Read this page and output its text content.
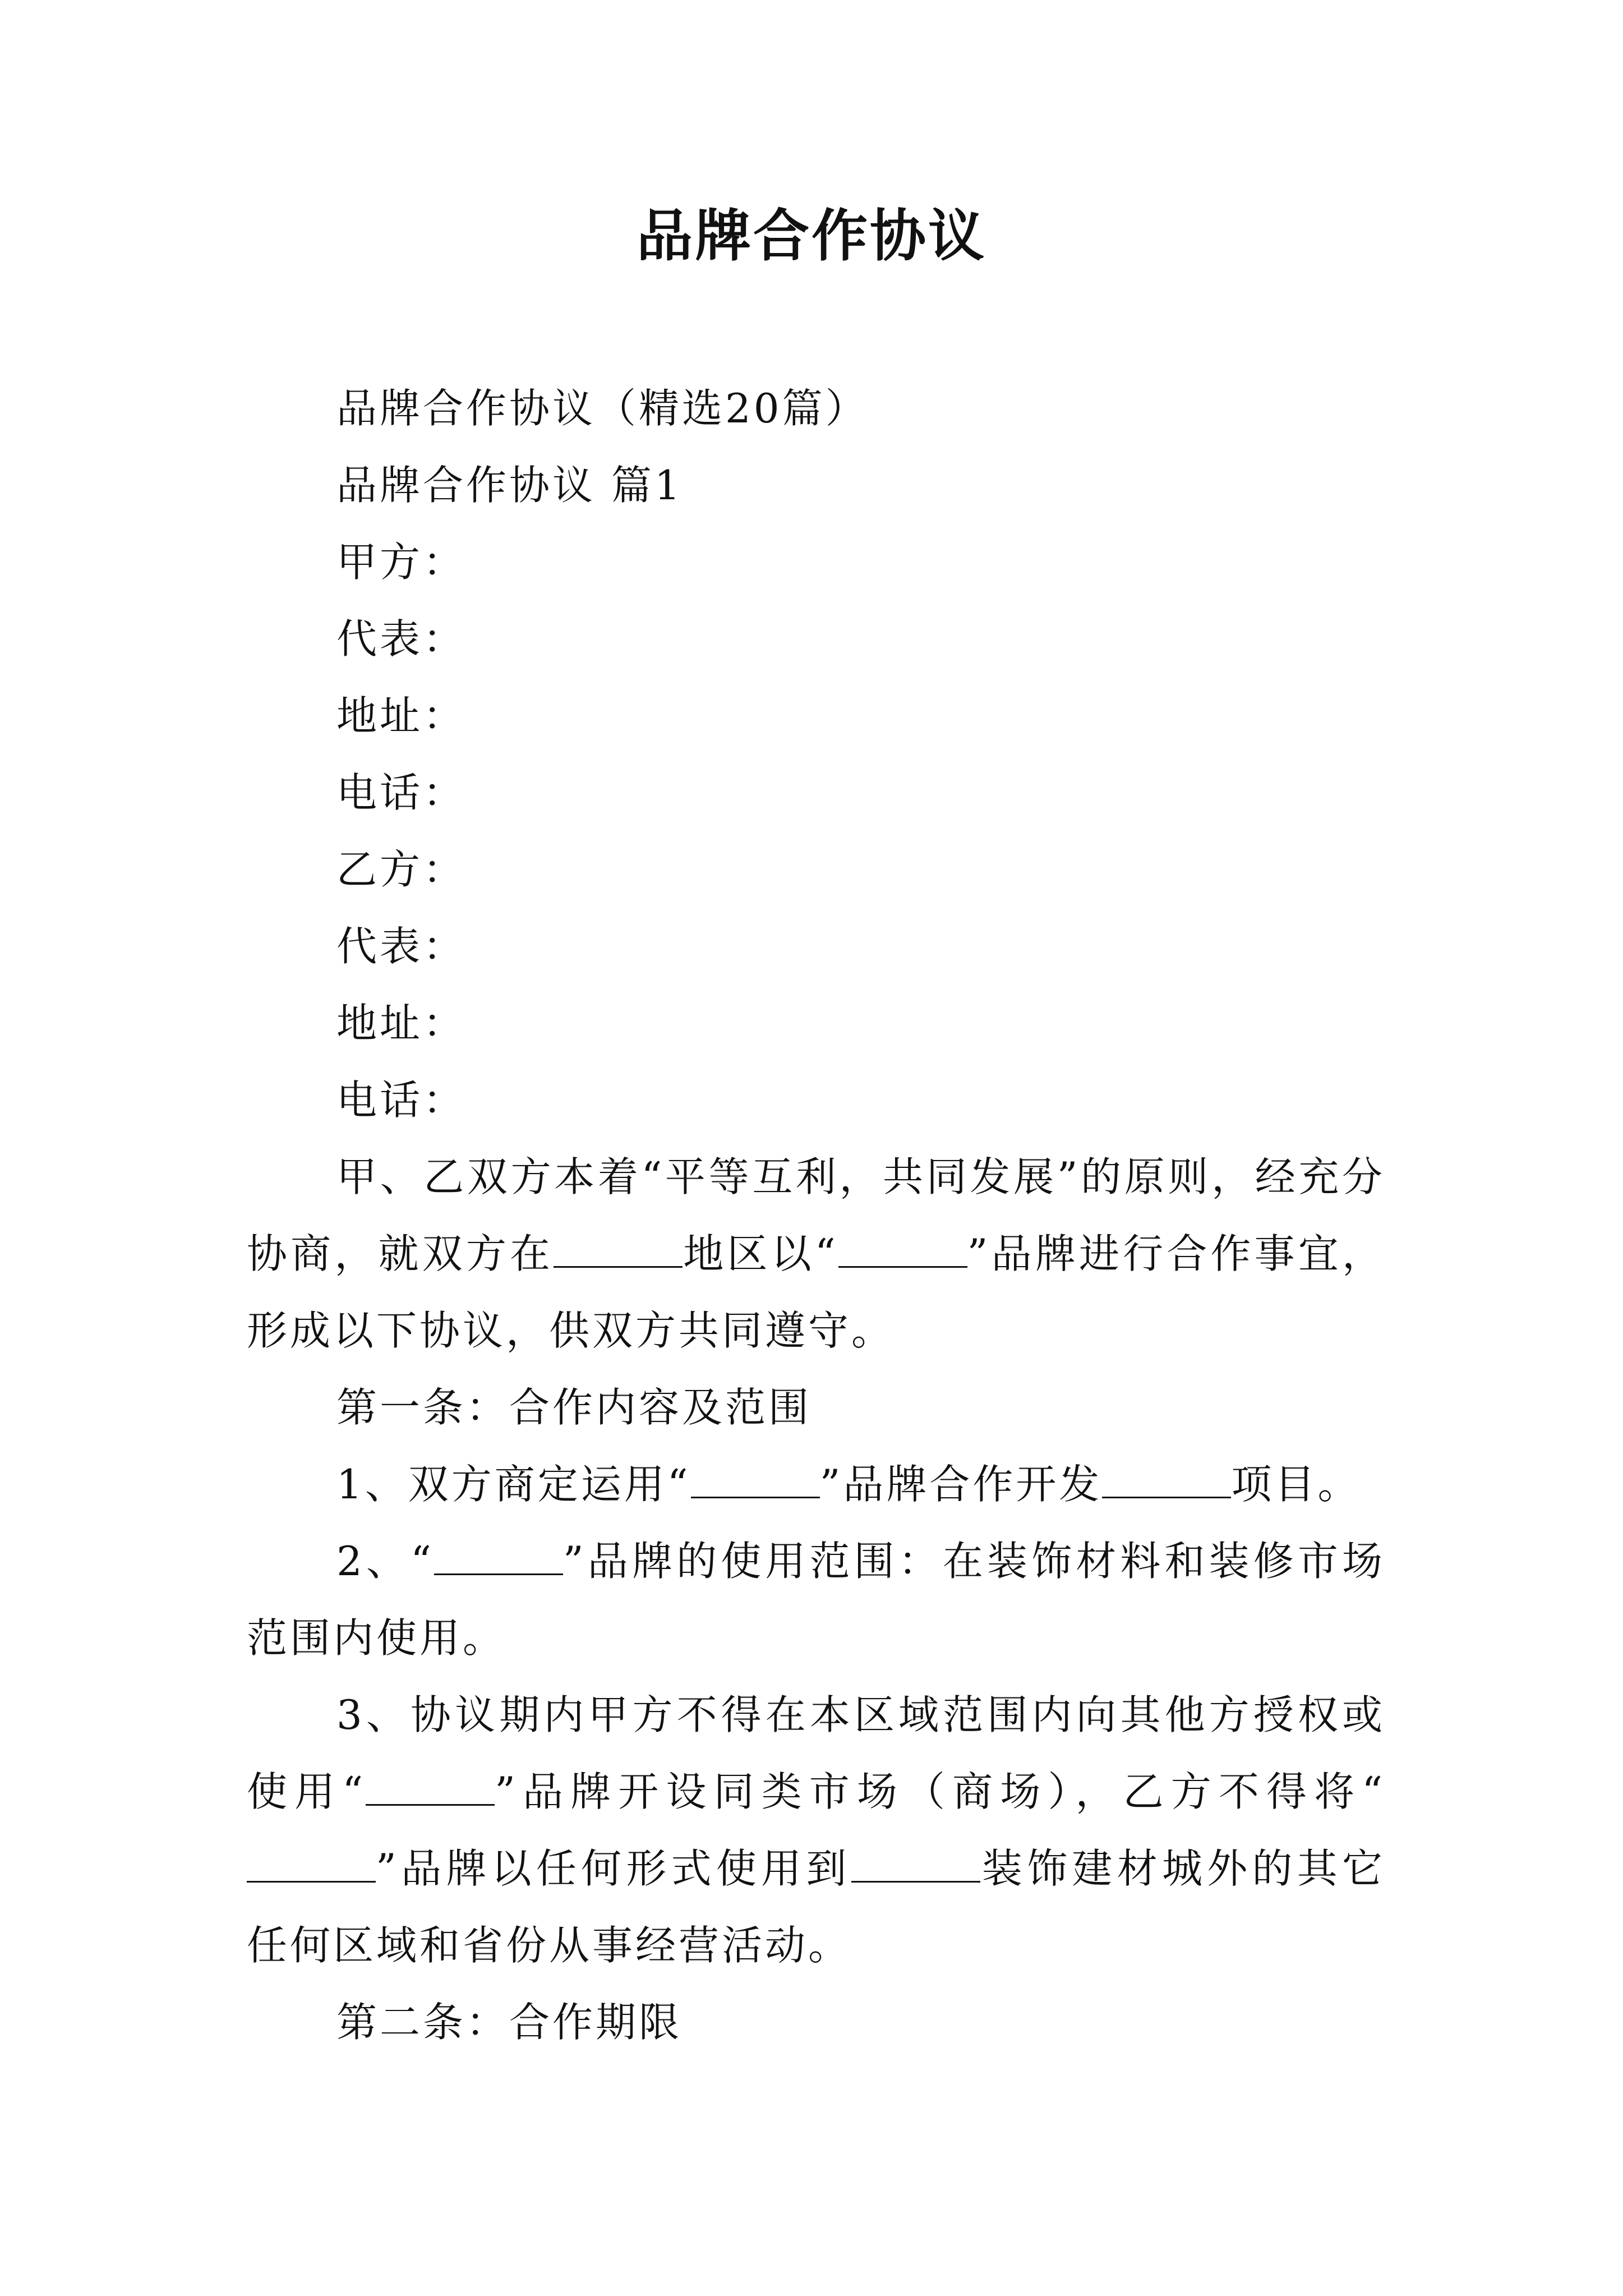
品牌合作协议
品牌合作协议（精选20篇）
品牌合作协议 篇1
甲方：
代表：
地址：
电话：
乙方：
代表：
地址：
电话：
甲、乙双方本着“平等互利，共同发展”的原则，经充分协商，就双方在	地区以“	”品牌进行合作事宜，形成以下协议，供双方共同遵守。
第一条：合作内容及范围
1、双方商定运用“	”品牌合作开发	项目。
2、“	”品牌的使用范围：在装饰材料和装修市场范围内使用。
3、协议期内甲方不得在本区域范围内向其他方授权或使用“	”品牌开设同类市场（商场），乙方不得将“”品牌以任何形式使用到	装饰建材城外的其它任何区域和省份从事经营活动。
第二条：合作期限
